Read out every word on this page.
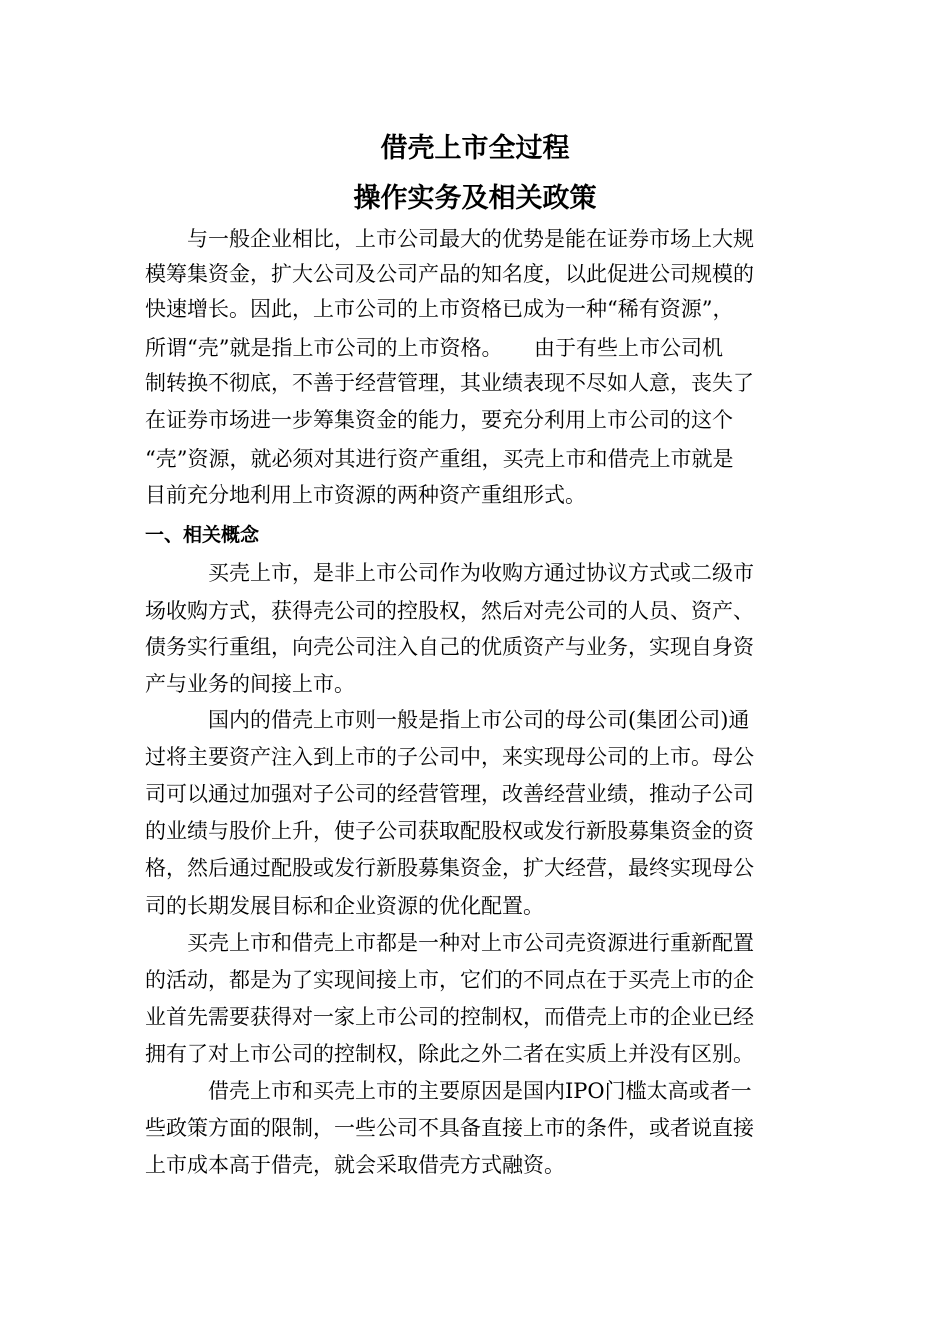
借壳上市全过程
操作实务及相关政策

　　与一般企业相比，上市公司最大的优势是能在证券市场上大规

模筹集资金，扩大公司及公司产品的知名度，以此促进公司规模的

快速增长。因此，上市公司的上市资格已成为一种“稀有资源”，

所谓“壳”就是指上市公司的上市资格。　　由于有些上市公司机

制转换不彻底，不善于经营管理，其业绩表现不尽如人意，丧失了

在证券市场进一步筹集资金的能力，要充分利用上市公司的这个

“壳”资源，就必须对其进行资产重组，买壳上市和借壳上市就是

目前充分地利用上市资源的两种资产重组形式。

一、相关概念

　　　买壳上市，是非上市公司作为收购方通过协议方式或二级市

场收购方式，获得壳公司的控股权，然后对壳公司的人员、资产、

债务实行重组，向壳公司注入自己的优质资产与业务，实现自身资

产与业务的间接上市。

　　　国内的借壳上市则一般是指上市公司的母公司(集团公司)通

过将主要资产注入到上市的子公司中，来实现母公司的上市。母公

司可以通过加强对子公司的经营管理，改善经营业绩，推动子公司

的业绩与股价上升，使子公司获取配股权或发行新股募集资金的资

格，然后通过配股或发行新股募集资金，扩大经营，最终实现母公

司的长期发展目标和企业资源的优化配置。

　　买壳上市和借壳上市都是一种对上市公司壳资源进行重新配置

的活动，都是为了实现间接上市，它们的不同点在于买壳上市的企

业首先需要获得对一家上市公司的控制权，而借壳上市的企业已经

拥有了对上市公司的控制权，除此之外二者在实质上并没有区别。

　　　借壳上市和买壳上市的主要原因是国内IPO门槛太高或者一

些政策方面的限制，一些公司不具备直接上市的条件，或者说直接

上市成本高于借壳，就会采取借壳方式融资。
